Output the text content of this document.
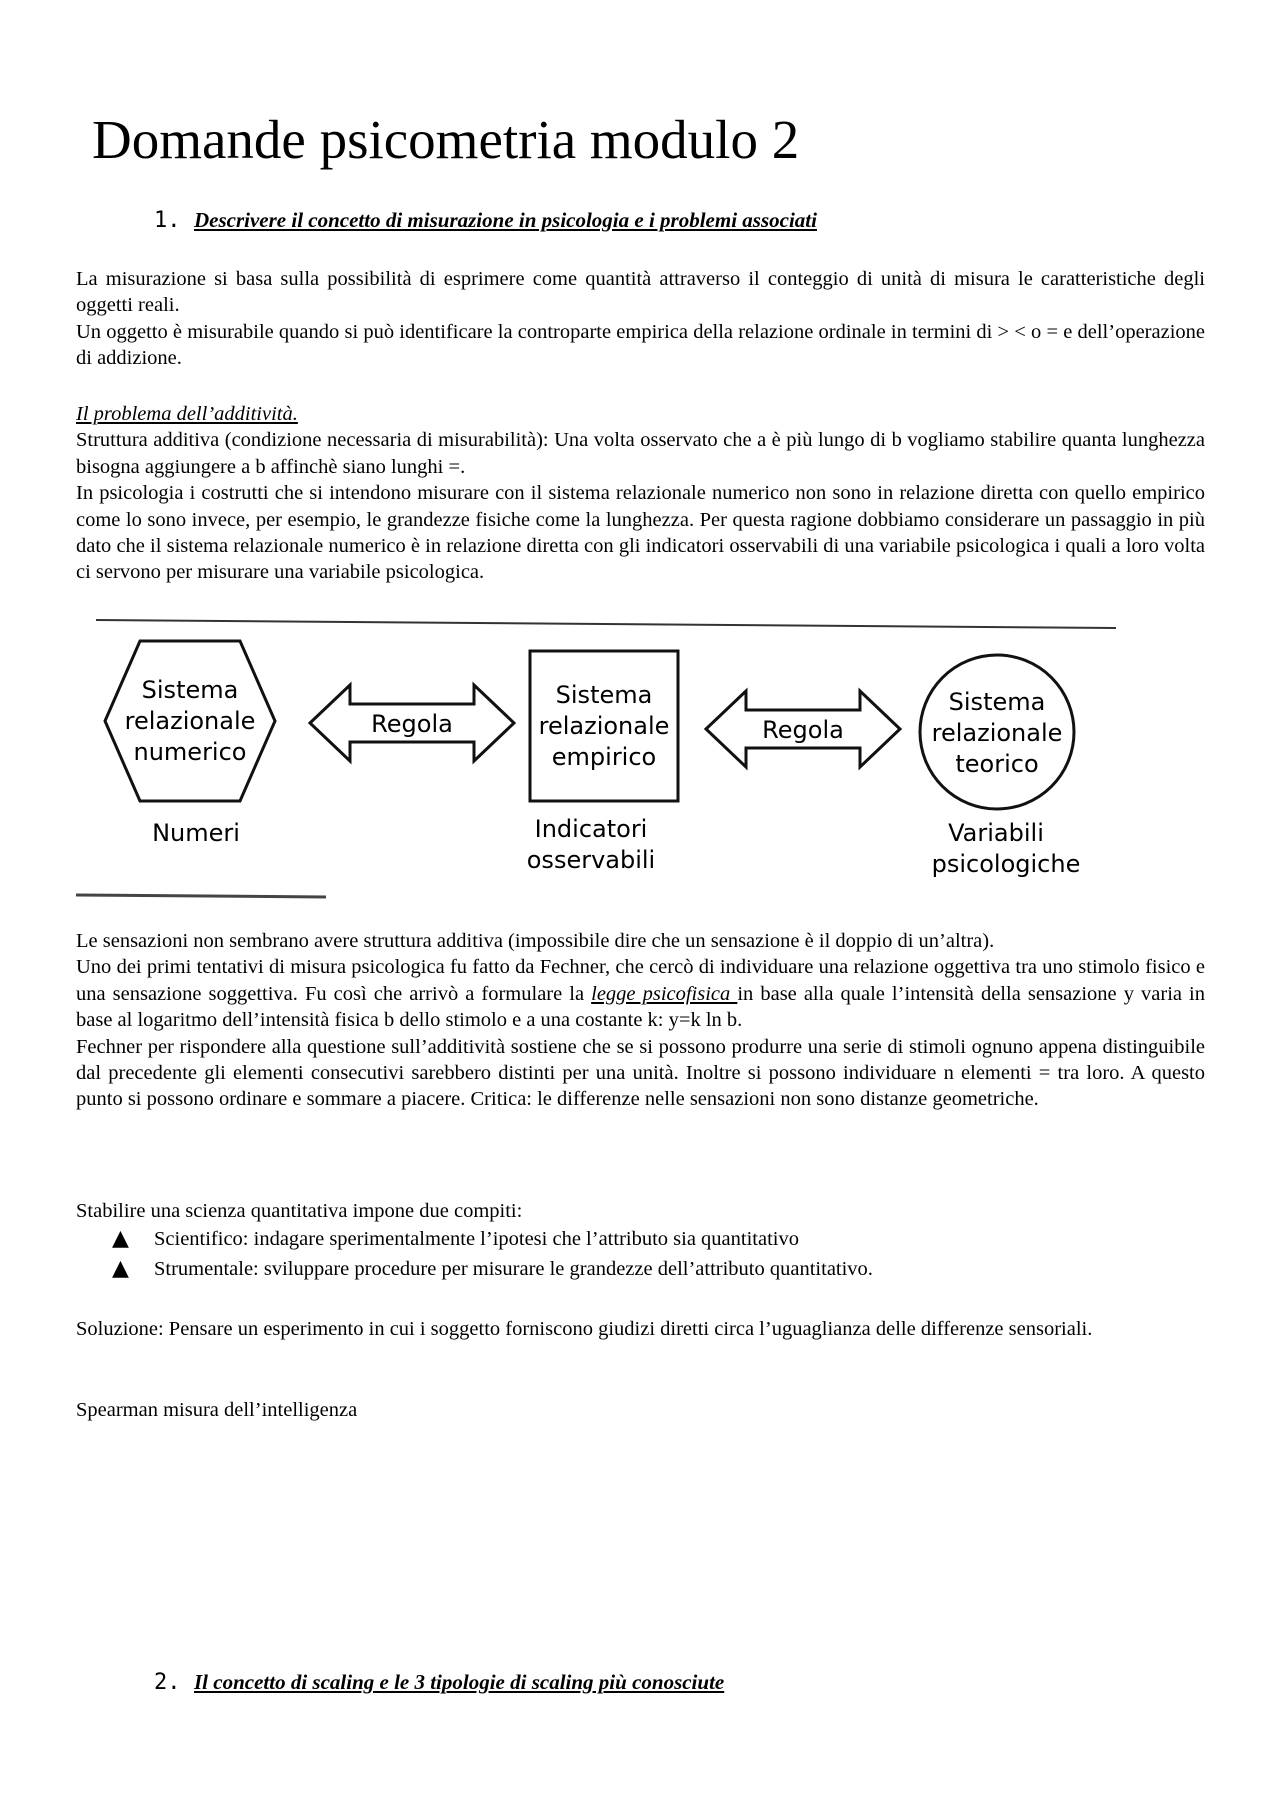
Domande psicometria modulo 2
1. Descrivere il concetto di misurazione in psicologia e i problemi associati

La misurazione si basa sulla possibilità di esprimere come quantità attraverso il conteggio di unità di misura le caratteristiche degli oggetti reali.

Un oggetto è misurabile quando si può identificare la controparte empirica della relazione ordinale in termini di > < o = e dell’operazione di addizione.

Il problema dell’additività.

Struttura additiva (condizione necessaria di misurabilità): Una volta osservato che a è più lungo di b vogliamo stabilire quanta lunghezza bisogna aggiungere a b affinchè siano lunghi =.

In psicologia i costrutti che si intendono misurare con il sistema relazionale numerico non sono in relazione diretta con quello empirico come lo sono invece, per esempio, le grandezze fisiche come la lunghezza. Per questa ragione dobbiamo considerare un passaggio in più dato che il sistema relazionale numerico è in relazione diretta con gli indicatori osservabili di una variabile psicologica i quali a loro volta ci servono per misurare una variabile psicologica.

Sistema
relazionale
numerico
Numeri
Regola
Sistema
relazionale
empirico
Indicatori
osservabili
Regola
Sistema
relazionale
teorico
Variabili
psicologiche

Le sensazioni non sembrano avere struttura additiva (impossibile dire che un sensazione è il doppio di un’altra).

Uno dei primi tentativi di misura psicologica fu fatto da Fechner, che cercò di individuare una relazione oggettiva tra uno stimolo fisico e una sensazione soggettiva. Fu così che arrivò a formulare la legge psicofisica in base alla quale l’intensità della sensazione y varia in base al logaritmo dell’intensità fisica b dello stimolo e a una costante k: y=k ln b.

Fechner per rispondere alla questione sull’additività sostiene che se si possono produrre una serie di stimoli ognuno appena distinguibile dal precedente gli elementi consecutivi sarebbero distinti per una unità. Inoltre si possono individuare n elementi = tra loro. A questo punto si possono ordinare e sommare a piacere. Critica: le differenze nelle sensazioni non sono distanze geometriche.

Stabilire una scienza quantitativa impone due compiti:
▲ Scientifico: indagare sperimentalmente l’ipotesi che l’attributo sia quantitativo
▲ Strumentale: sviluppare procedure per misurare le grandezze dell’attributo quantitativo.
Soluzione: Pensare un esperimento in cui i soggetto forniscono giudizi diretti circa l’uguaglianza delle differenze sensoriali.
Spearman misura dell’intelligenza
2. Il concetto di scaling e le 3 tipologie di scaling più conosciute
